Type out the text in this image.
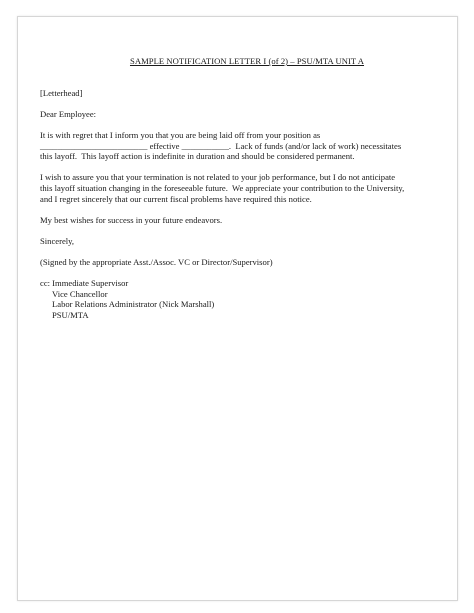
SAMPLE NOTIFICATION LETTER I (of 2) – PSU/MTA UNIT A

[Letterhead]

Dear Employee:

It is with regret that I inform you that you are being laid off from your position as

_________________________ effective ___________.  Lack of funds (and/or lack of work) necessitates

this layoff.  This layoff action is indefinite in duration and should be considered permanent.

I wish to assure you that your termination is not related to your job performance, but I do not anticipate

this layoff situation changing in the foreseeable future.  We appreciate your contribution to the University,

and I regret sincerely that our current fiscal problems have required this notice.

My best wishes for success in your future endeavors.

Sincerely,

(Signed by the appropriate Asst./Assoc. VC or Director/Supervisor)

cc: Immediate Supervisor

Vice Chancellor

Labor Relations Administrator (Nick Marshall)

PSU/MTA
